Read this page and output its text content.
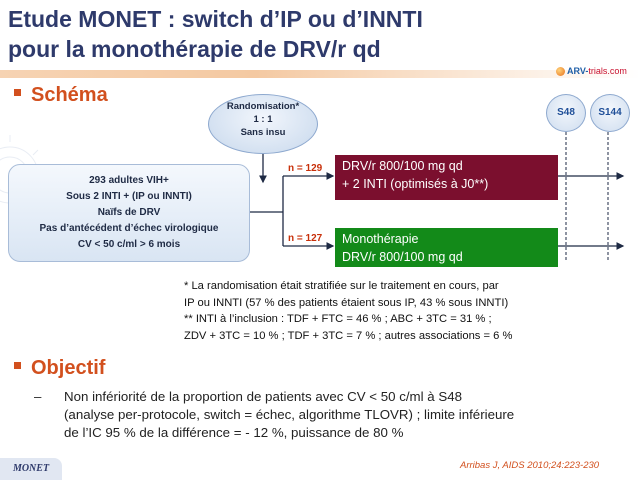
Etude MONET : switch d’IP ou d’INNTI
pour la monothérapie de DRV/r qd
ARV-trials.com
Schéma
Randomisation*
1 : 1
Sans insu
293 adultes VIH+
Sous 2 INTI + (IP ou INNTI)
Naïfs de DRV
Pas d’antécédent d’échec virologique
CV < 50 c/ml > 6 mois
n = 129
n = 127
DRV/r 800/100 mg qd
+ 2 INTI (optimisés à J0**)
Monothérapie
DRV/r 800/100 mg qd
S48	S144
* La randomisation était stratifiée sur le traitement en cours, par
IP ou INNTI (57 % des patients étaient sous IP, 43 % sous INNTI)
** INTI à l’inclusion : TDF + FTC = 46 % ; ABC + 3TC = 31 % ;
ZDV + 3TC = 10 % ; TDF + 3TC = 7 % ; autres associations = 6 %
Objectif
– Non infériorité de la proportion de patients avec CV < 50 c/ml à S48
(analyse per-protocole, switch = échec, algorithme TLOVR) ; limite inférieure
de l’IC 95 % de la différence = - 12 %, puissance de 80 %
MONET	Arribas J, AIDS 2010;24:223-230
